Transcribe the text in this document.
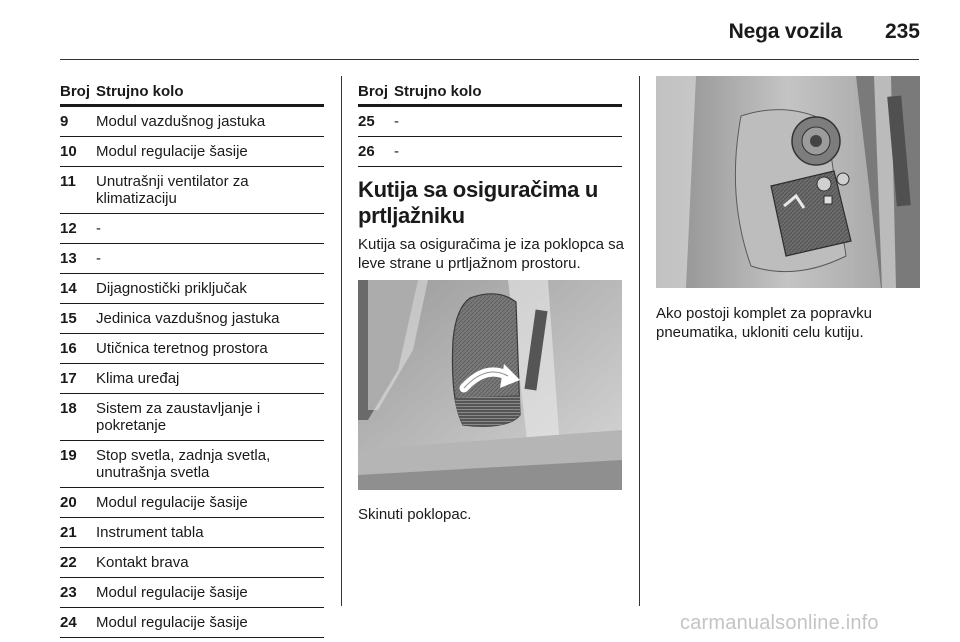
Nega vozila 235
Broj Strujno kolo
9 Modul vazdušnog jastuka
10 Modul regulacije šasije
11 Unutrašnji ventilator za klimatizaciju
12 -
13 -
14 Dijagnostički priključak
15 Jedinica vazdušnog jastuka
16 Utičnica teretnog prostora
17 Klima uređaj
18 Sistem za zaustavljanje i pokretanje
19 Stop svetla, zadnja svetla, unutrašnja svetla
20 Modul regulacije šasije
21 Instrument tabla
22 Kontakt brava
23 Modul regulacije šasije
24 Modul regulacije šasije
Broj Strujno kolo
25 -
26 -
Kutija sa osiguračima u prtljažniku
Kutija sa osiguračima je iza poklopca sa leve strane u prtljažnom prostoru.
Skinuti poklopac.
Ako postoji komplet za popravku pneumatika, ukloniti celu kutiju.
carmanualsonline.info
